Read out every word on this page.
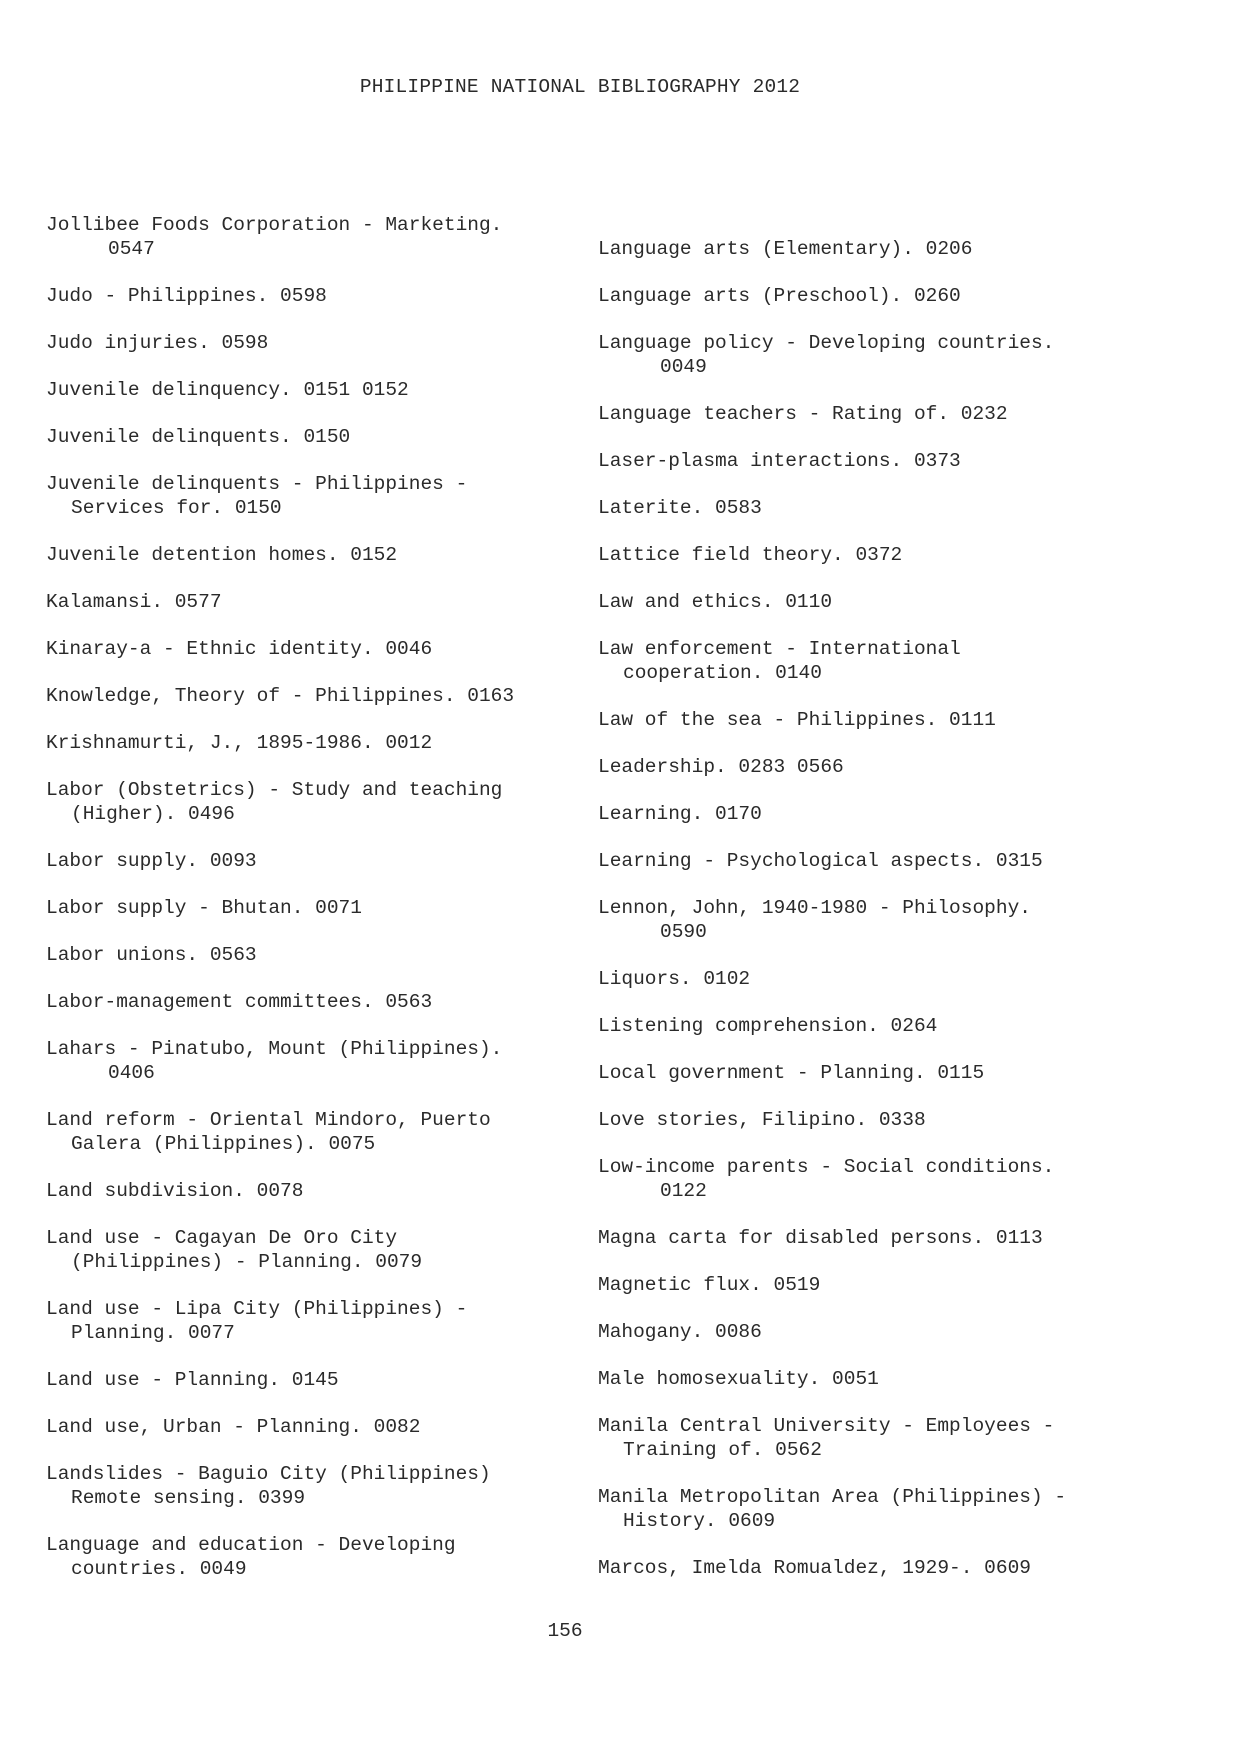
PHILIPPINE NATIONAL BIBLIOGRAPHY 2012
Jollibee Foods Corporation - Marketing.
0547
Judo - Philippines. 0598
Judo injuries. 0598
Juvenile delinquency. 0151 0152
Juvenile delinquents. 0150
Juvenile delinquents - Philippines -
Services for. 0150
Juvenile detention homes. 0152
Kalamansi. 0577
Kinaray-a - Ethnic identity. 0046
Knowledge, Theory of - Philippines. 0163
Krishnamurti, J., 1895-1986. 0012
Labor (Obstetrics) - Study and teaching
(Higher). 0496
Labor supply. 0093
Labor supply - Bhutan. 0071
Labor unions. 0563
Labor-management committees. 0563
Lahars - Pinatubo, Mount (Philippines).
0406
Land reform - Oriental Mindoro, Puerto
Galera (Philippines). 0075
Land subdivision. 0078
Land use - Cagayan De Oro City
(Philippines) - Planning. 0079
Land use - Lipa City (Philippines) -
Planning. 0077
Land use - Planning. 0145
Land use, Urban - Planning. 0082
Landslides - Baguio City (Philippines)
Remote sensing. 0399
Language and education - Developing
countries. 0049
Language arts (Elementary). 0206
Language arts (Preschool). 0260
Language policy - Developing countries.
0049
Language teachers - Rating of. 0232
Laser-plasma interactions. 0373
Laterite. 0583
Lattice field theory. 0372
Law and ethics. 0110
Law enforcement - International
cooperation. 0140
Law of the sea - Philippines. 0111
Leadership. 0283 0566
Learning. 0170
Learning - Psychological aspects. 0315
Lennon, John, 1940-1980 - Philosophy.
0590
Liquors. 0102
Listening comprehension. 0264
Local government - Planning. 0115
Love stories, Filipino. 0338
Low-income parents - Social conditions.
0122
Magna carta for disabled persons. 0113
Magnetic flux. 0519
Mahogany. 0086
Male homosexuality. 0051
Manila Central University - Employees -
Training of. 0562
Manila Metropolitan Area (Philippines) -
History. 0609
Marcos, Imelda Romualdez, 1929-. 0609
156
